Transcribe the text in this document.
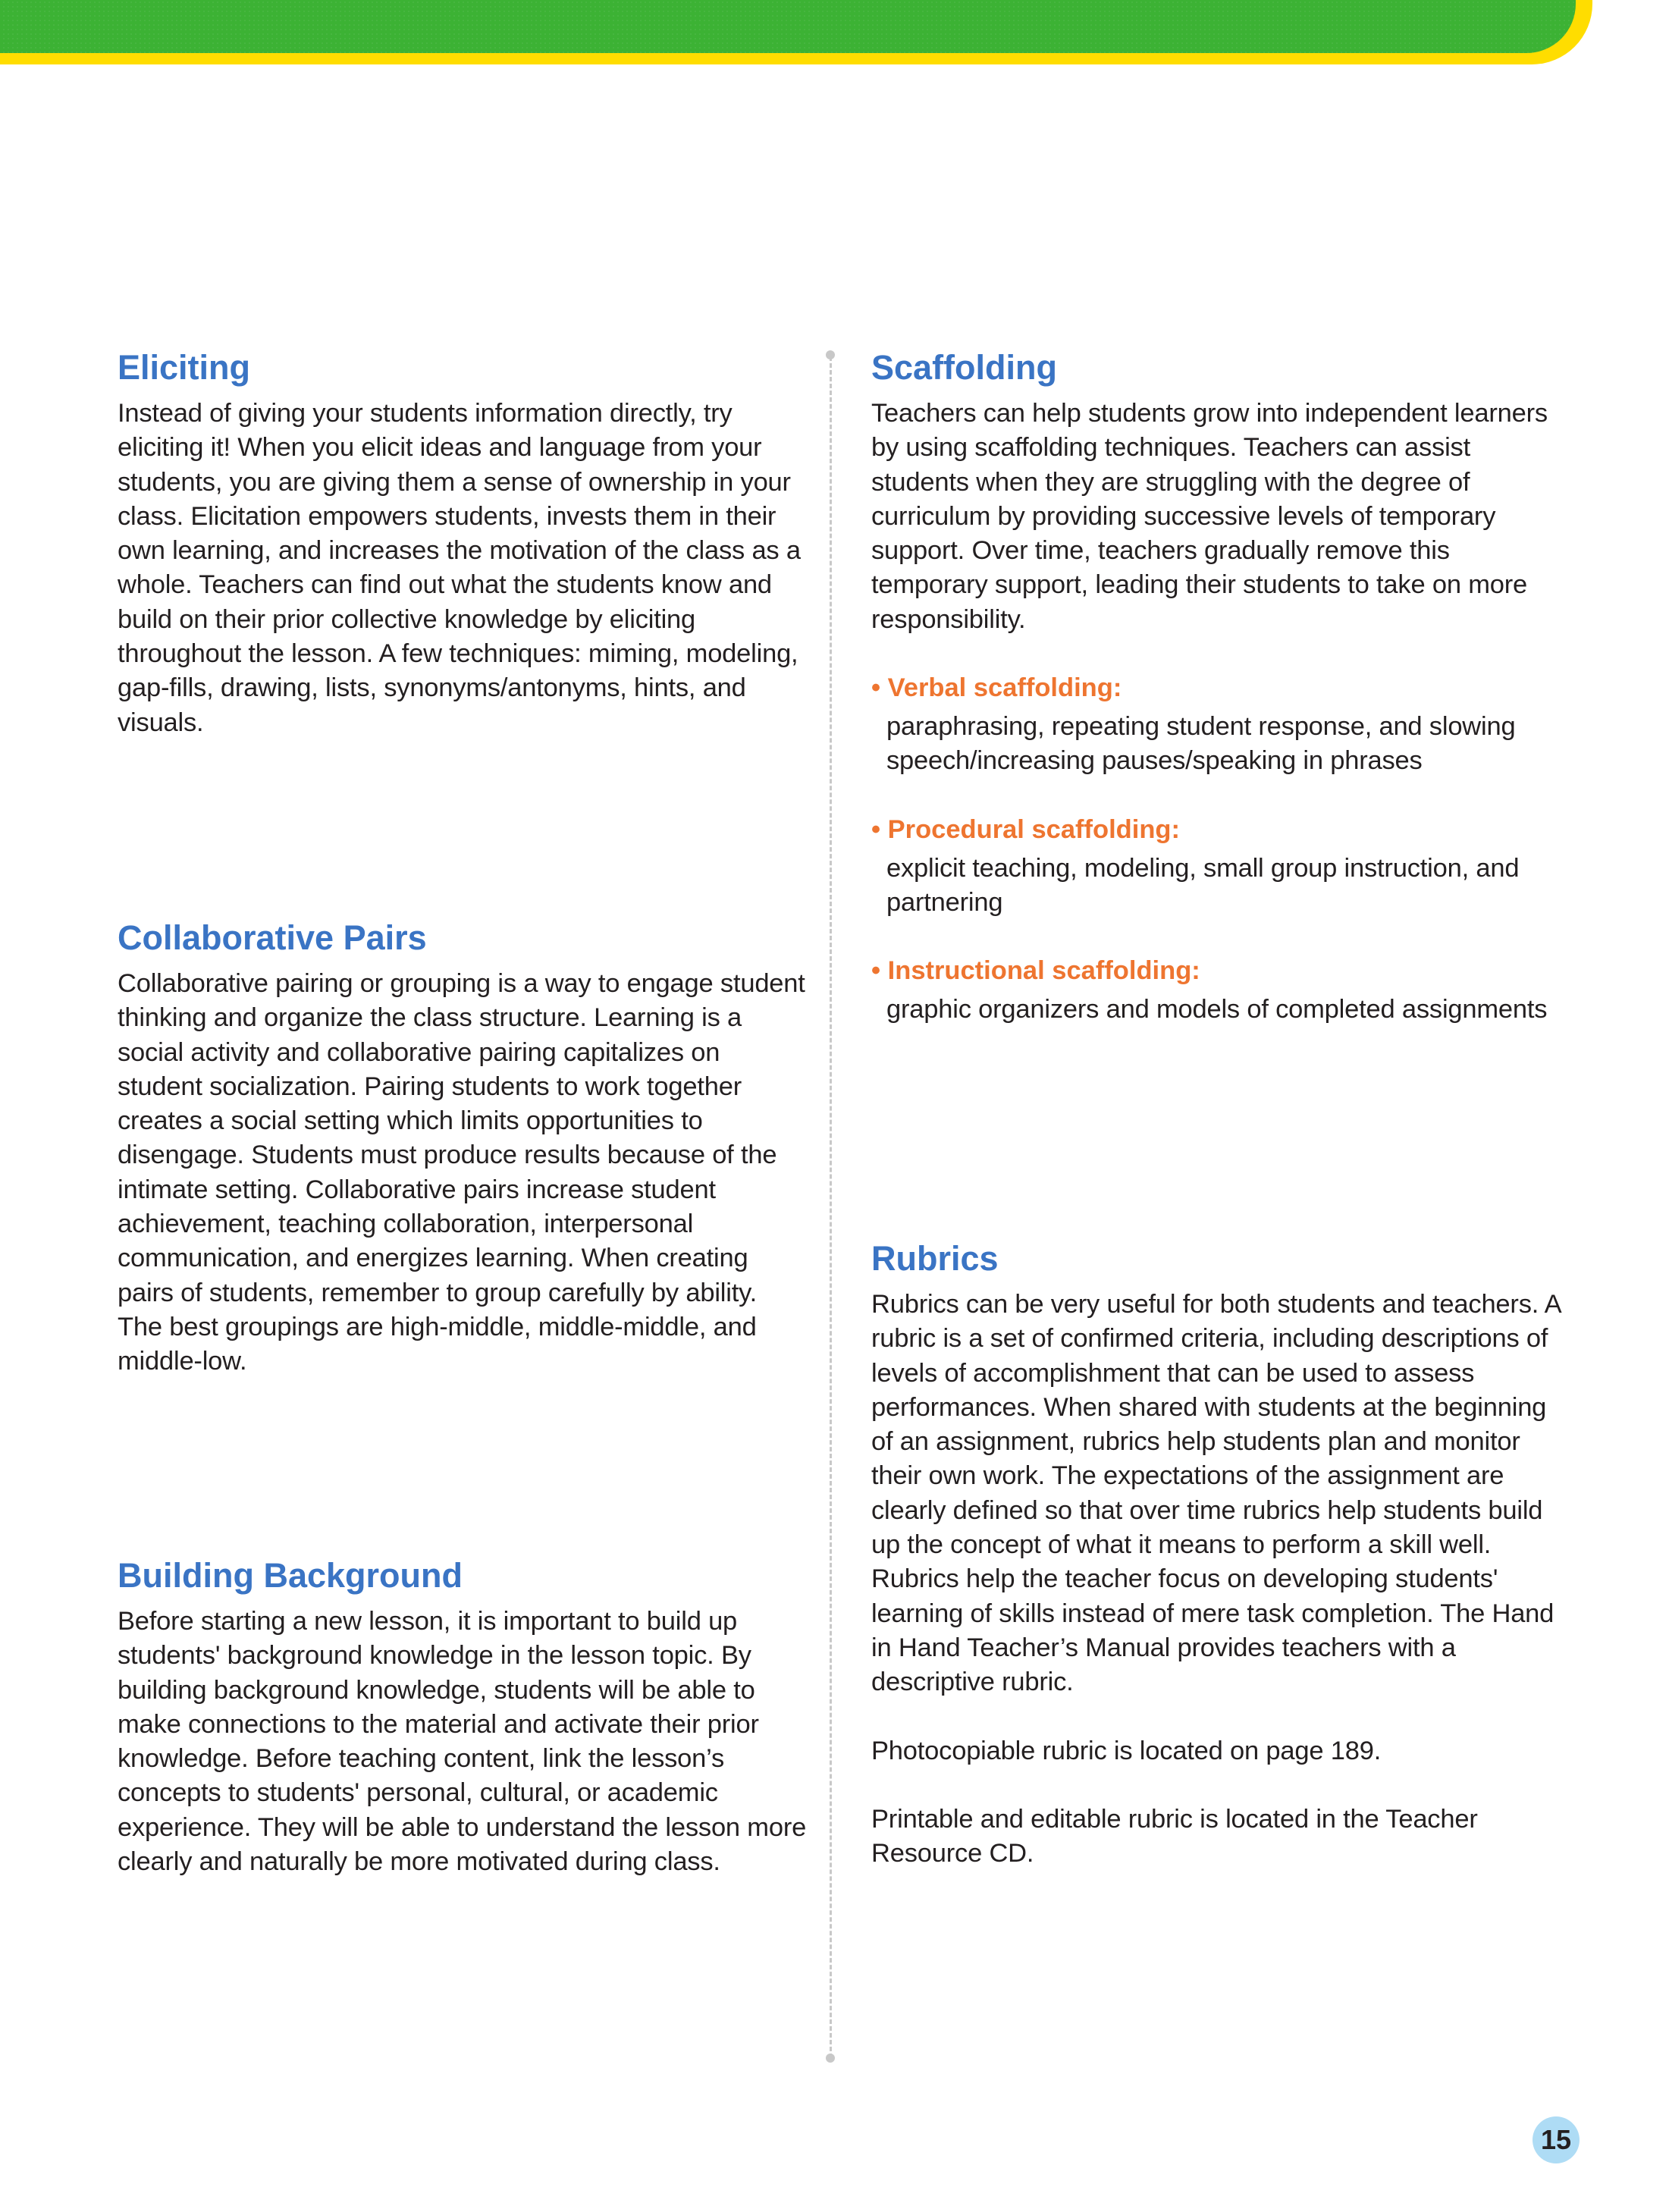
Eliciting

Instead of giving your students information directly, try eliciting it! When you elicit ideas and language from your students, you are giving them a sense of ownership in your class. Elicitation empowers students, invests them in their own learning, and increases the motivation of the class as a whole. Teachers can find out what the students know and build on their prior collective knowledge by eliciting throughout the lesson. A few techniques: miming, modeling, gap-fills, drawing, lists, synonyms/antonyms, hints, and visuals.

Collaborative Pairs

Collaborative pairing or grouping is a way to engage student thinking and organize the class structure. Learning is a social activity and collaborative pairing capitalizes on student socialization. Pairing students to work together creates a social setting which limits opportunities to disengage. Students must produce results because of the intimate setting. Collaborative pairs increase student achievement, teaching collaboration, interpersonal communication, and energizes learning. When creating pairs of students, remember to group carefully by ability. The best groupings are high-middle, middle-middle, and middle-low.

Building Background

Before starting a new lesson, it is important to build up students' background knowledge in the lesson topic. By building background knowledge, students will be able to make connections to the material and activate their prior knowledge. Before teaching content, link the lesson’s concepts to students' personal, cultural, or academic experience. They will be able to understand the lesson more clearly and naturally be more motivated during class.

Scaffolding

Teachers can help students grow into independent learners by using scaffolding techniques. Teachers can assist students when they are struggling with the degree of curriculum by providing successive levels of temporary support. Over time, teachers gradually remove this temporary support, leading their students to take on more responsibility.

• Verbal scaffolding:

paraphrasing, repeating student response, and slowing speech/increasing pauses/speaking in phrases

• Procedural scaffolding:

explicit teaching, modeling, small group instruction, and partnering

• Instructional scaffolding:

graphic organizers and models of completed assignments

Rubrics

Rubrics can be very useful for both students and teachers. A rubric is a set of confirmed criteria, including descriptions of levels of accomplishment that can be used to assess performances. When shared with students at the beginning of an assignment, rubrics help students plan and monitor their own work. The expectations of the assignment are clearly defined so that over time rubrics help students build up the concept of what it means to perform a skill well. Rubrics help the teacher focus on developing students' learning of skills instead of mere task completion. The Hand in Hand Teacher’s Manual provides teachers with a descriptive rubric.

Photocopiable rubric is located on page 189.

Printable and editable rubric is located in the Teacher Resource CD.

15
